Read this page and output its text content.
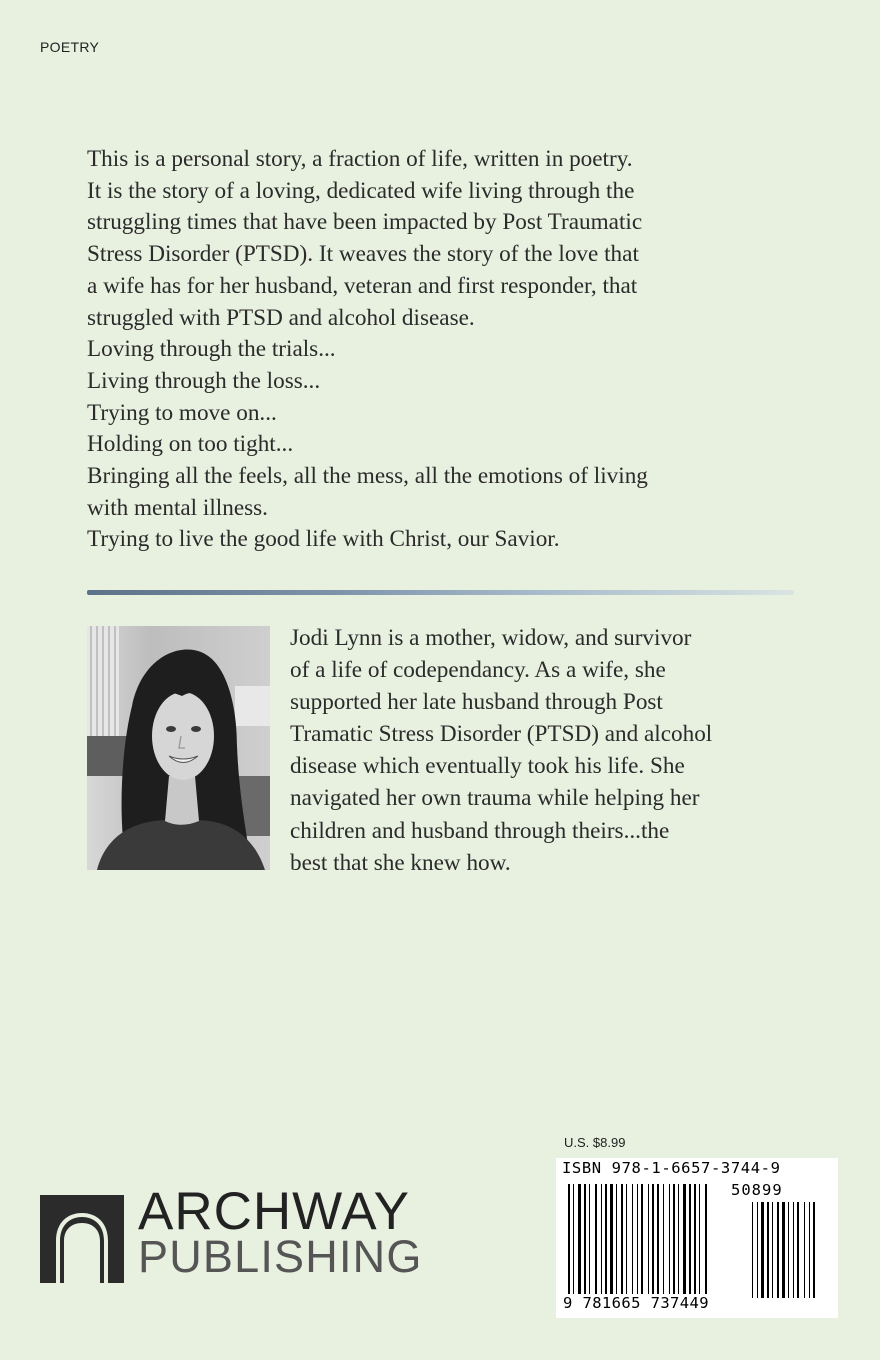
POETRY

This is a personal story, a fraction of life, written in poetry.

It is the story of a loving, dedicated wife living through the

struggling times that have been impacted by Post Traumatic

Stress Disorder (PTSD). It weaves the story of the love that

a wife has for her husband, veteran and first responder, that

struggled with PTSD and alcohol disease.

Loving through the trials...

Living through the loss...

Trying to move on...

Holding on too tight...

Bringing all the feels, all the mess, all the emotions of living

with mental illness.

Trying to live the good life with Christ, our Savior.

Jodi Lynn is a mother, widow, and survivor
of a life of codependancy. As a wife, she
supported her late husband through Post
Tramatic Stress Disorder (PTSD) and alcohol
disease which eventually took his life. She
navigated her own trauma while helping her
children and husband through theirs...the
best that she knew how.
U.S. $8.99
ISBN 978-1-6657-3744-9
50899
9 781665 737449
ARCHWAY
PUBLISHING
